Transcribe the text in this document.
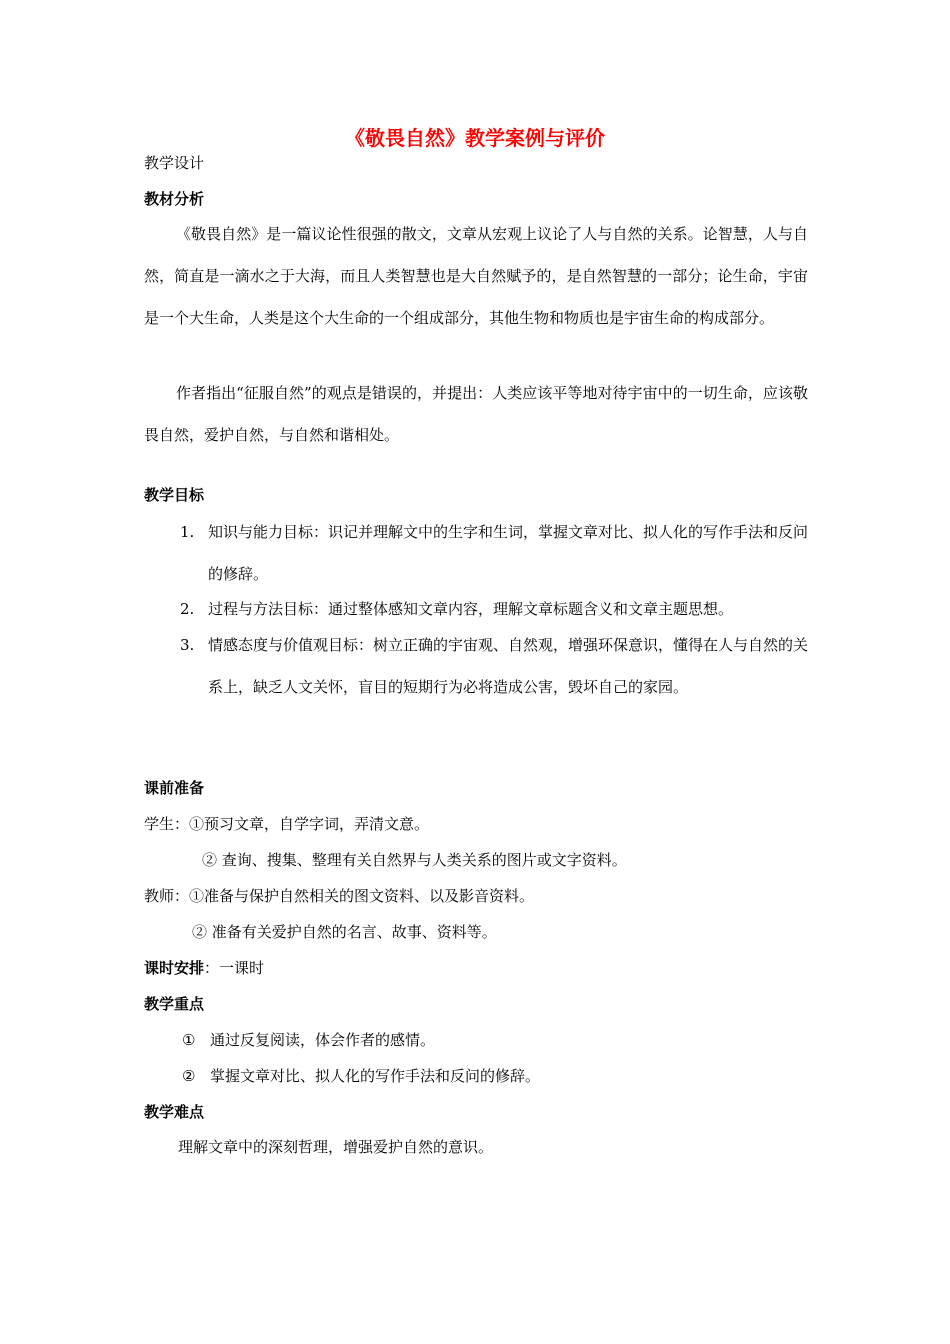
《敬畏自然》教学案例与评价
教学设计
教材分析
《敬畏自然》是一篇议论性很强的散文，文章从宏观上议论了人与自然的关系。论智慧，人与自然，简直是一滴水之于大海，而且人类智慧也是大自然赋予的，是自然智慧的一部分；论生命，宇宙是一个大生命，人类是这个大生命的一个组成部分，其他生物和物质也是宇宙生命的构成部分。
作者指出“征服自然”的观点是错误的，并提出：人类应该平等地对待宇宙中的一切生命，应该敬畏自然，爱护自然，与自然和谐相处。
教学目标
1. 知识与能力目标：识记并理解文中的生字和生词，掌握文章对比、拟人化的写作手法和反问的修辞。
2. 过程与方法目标：通过整体感知文章内容，理解文章标题含义和文章主题思想。
3. 情感态度与价值观目标：树立正确的宇宙观、自然观，增强环保意识，懂得在人与自然的关系上，缺乏人文关怀，盲目的短期行为必将造成公害，毁坏自己的家园。
课前准备
学生：①预习文章，自学字词，弄清文意。
② 查询、搜集、整理有关自然界与人类关系的图片或文字资料。
教师：①准备与保护自然相关的图文资料、以及影音资料。
② 准备有关爱护自然的名言、故事、资料等。
课时安排：一课时
教学重点
① 通过反复阅读，体会作者的感情。
② 掌握文章对比、拟人化的写作手法和反问的修辞。
教学难点
理解文章中的深刻哲理，增强爱护自然的意识。
